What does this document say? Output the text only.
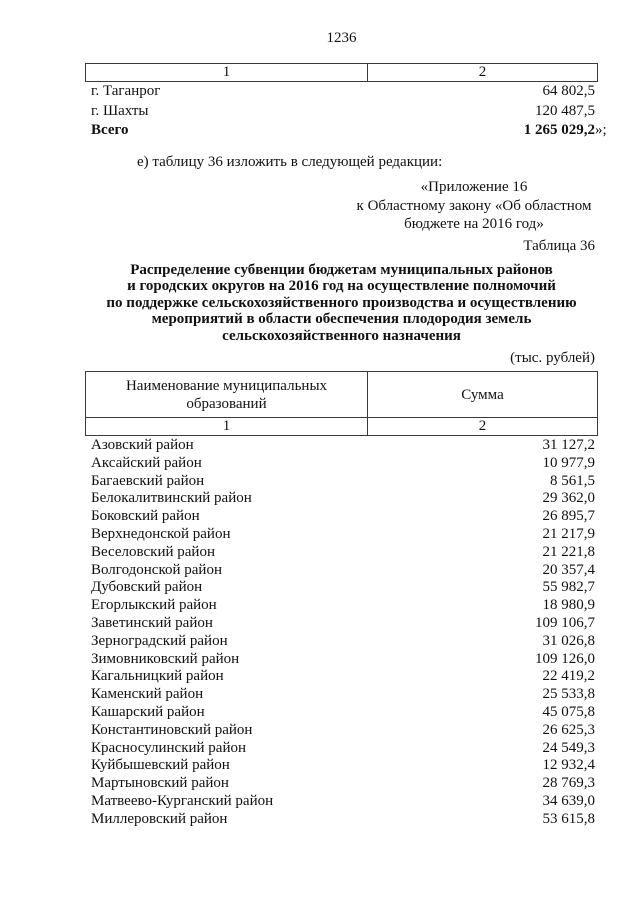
1236
1	2
г. Таганрог	64 802,5
г. Шахты	120 487,5
Всего	1 265 029,2 »;
е) таблицу 36 изложить в следующей редакции:
«Приложение 16
к Областному закону «Об областном
бюджете на 2016 год»
Таблица 36
Распределение субвенции бюджетам муниципальных районов
и городских округов на 2016 год на осуществление полномочий
по поддержке сельскохозяйственного производства и осуществлению
мероприятий в области обеспечения плодородия земель
сельскохозяйственного назначения
(тыс. рублей)
Наименование муниципальных
образований
Сумма
1	2
Азовский район	31 127,2
Аксайский район	10 977,9
Багаевский район	8 561,5
Белокалитвинский район	29 362,0
Боковский район	26 895,7
Верхнедонской район	21 217,9
Веселовский район	21 221,8
Волгодонской район	20 357,4
Дубовский район	55 982,7
Егорлыкский район	18 980,9
Заветинский район	109 106,7
Зерноградский район	31 026,8
Зимовниковский район	109 126,0
Кагальницкий район	22 419,2
Каменский район	25 533,8
Кашарский район	45 075,8
Константиновский район	26 625,3
Красносулинский район	24 549,3
Куйбышевский район	12 932,4
Мартыновский район	28 769,3
Матвеево-Курганский район	34 639,0
Миллеровский район	53 615,8
